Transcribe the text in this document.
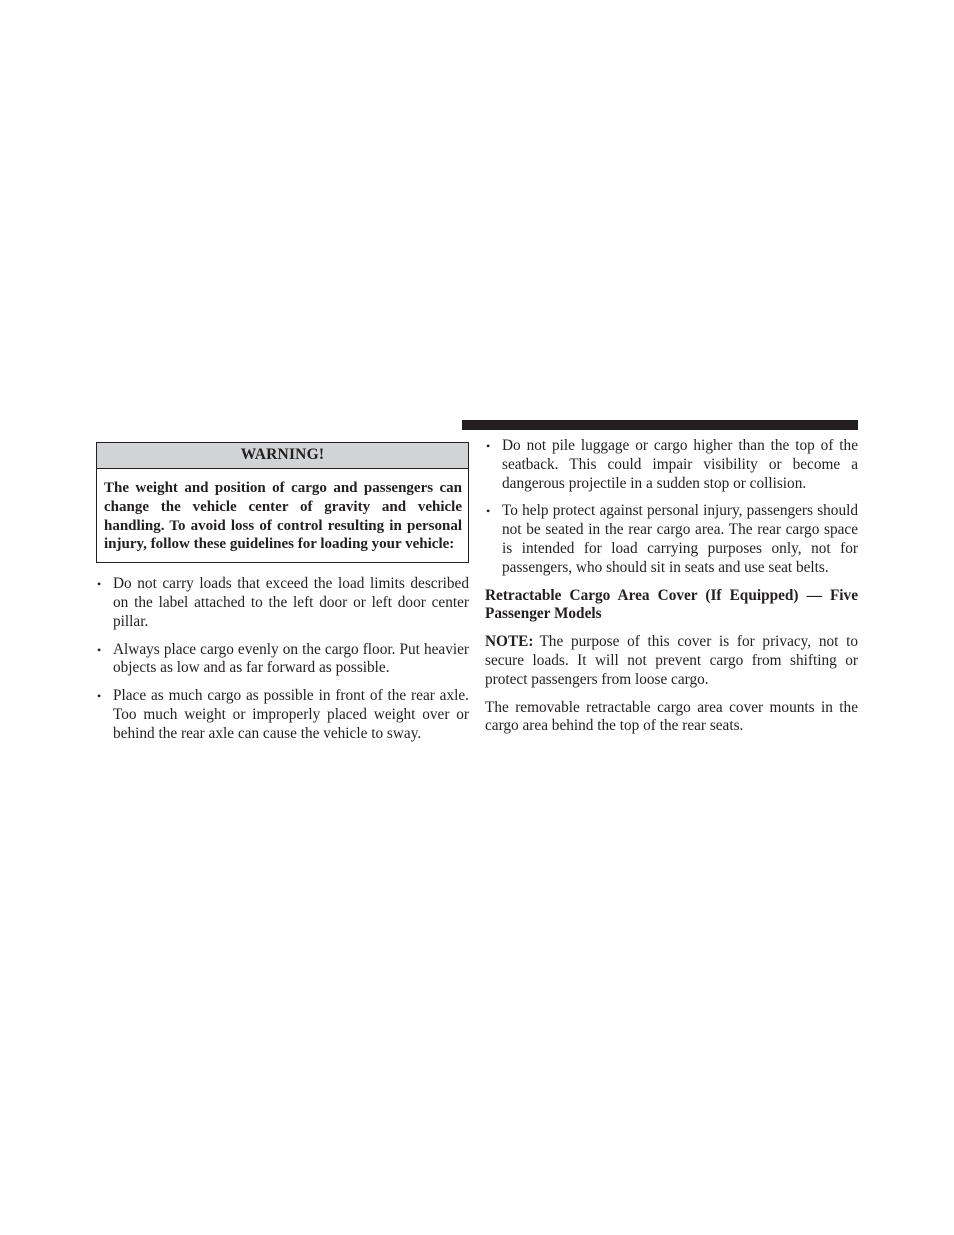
WARNING!
The weight and position of cargo and passengers can change the vehicle center of gravity and vehicle handling. To avoid loss of control resulting in personal injury, follow these guidelines for loading your vehicle:
• Do not carry loads that exceed the load limits described on the label attached to the left door or left door center pillar.
• Always place cargo evenly on the cargo floor. Put heavier objects as low and as far forward as possible.
• Place as much cargo as possible in front of the rear axle. Too much weight or improperly placed weight over or behind the rear axle can cause the vehicle to sway.
• Do not pile luggage or cargo higher than the top of the seatback. This could impair visibility or become a dangerous projectile in a sudden stop or collision.
• To help protect against personal injury, passengers should not be seated in the rear cargo area. The rear cargo space is intended for load carrying purposes only, not for passengers, who should sit in seats and use seat belts.
Retractable Cargo Area Cover (If Equipped) — Five Passenger Models

NOTE: The purpose of this cover is for privacy, not to secure loads. It will not prevent cargo from shifting or protect passengers from loose cargo.

The removable retractable cargo area cover mounts in the cargo area behind the top of the rear seats.
